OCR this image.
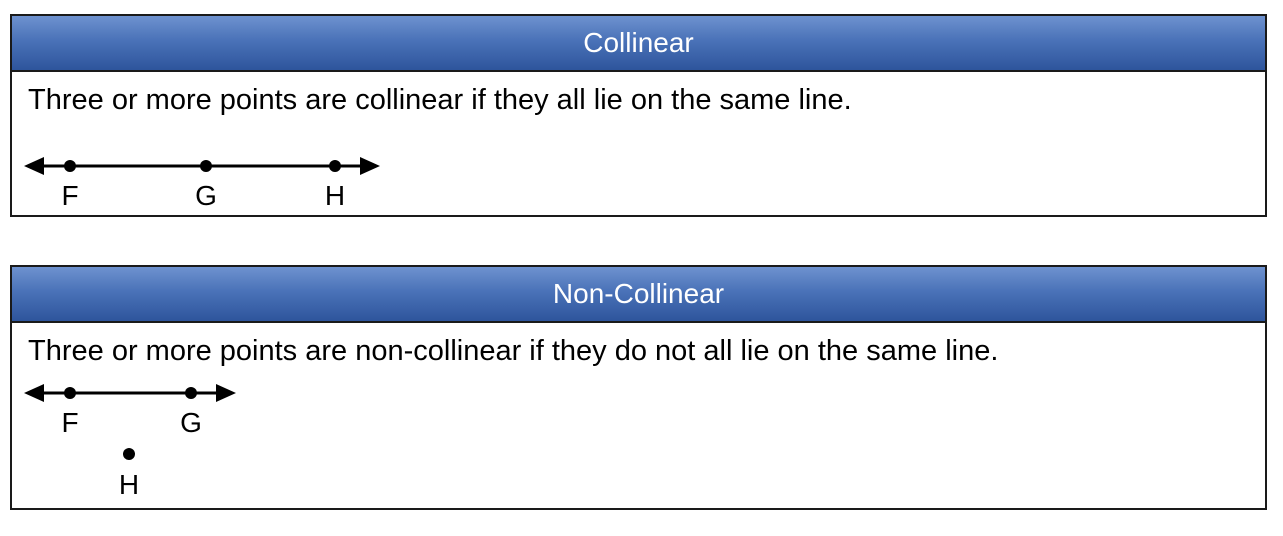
Collinear

Three or more points are collinear if they all lie on the same line.

F	G	H
Non-Collinear

Three or more points are non-collinear if they do not all lie on the same line.

F	G
H
